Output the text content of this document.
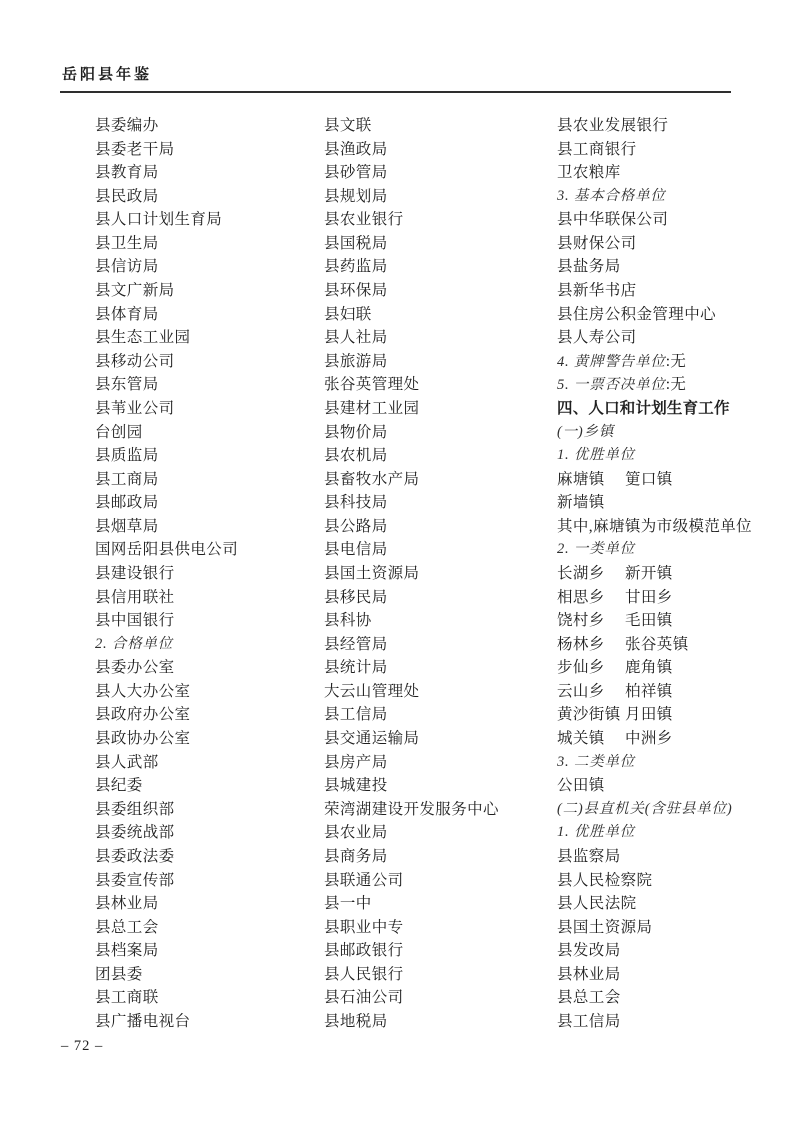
岳阳县年鉴
县委编办
县委老干局
县教育局
县民政局
县人口计划生育局
县卫生局
县信访局
县文广新局
县体育局
县生态工业园
县移动公司
县东管局
县苇业公司
台创园
县质监局
县工商局
县邮政局
县烟草局
国网岳阳县供电公司
县建设银行
县信用联社
县中国银行
2. 合格单位
县委办公室
县人大办公室
县政府办公室
县政协办公室
县人武部
县纪委
县委组织部
县委统战部
县委政法委
县委宣传部
县林业局
县总工会
县档案局
团县委
县工商联
县广播电视台
县文联
县渔政局
县砂管局
县规划局
县农业银行
县国税局
县药监局
县环保局
县妇联
县人社局
县旅游局
张谷英管理处
县建材工业园
县物价局
县农机局
县畜牧水产局
县科技局
县公路局
县电信局
县国土资源局
县移民局
县科协
县经管局
县统计局
大云山管理处
县工信局
县交通运输局
县房产局
县城建投
荣湾湖建设开发服务中心
县农业局
县商务局
县联通公司
县一中
县职业中专
县邮政银行
县人民银行
县石油公司
县地税局
县农业发展银行
县工商银行
卫农粮库
3. 基本合格单位
县中华联保公司
县财保公司
县盐务局
县新华书店
县住房公积金管理中心
县人寿公司
4. 黄牌警告单位:无
5. 一票否决单位:无
四、人口和计划生育工作
(一)乡镇
1. 优胜单位
麻塘镇 筻口镇
新墙镇
其中,麻塘镇为市级模范单位
2. 一类单位
长湖乡 新开镇
相思乡 甘田乡
饶村乡 毛田镇
杨林乡 张谷英镇
步仙乡 鹿角镇
云山乡 柏祥镇
黄沙街镇 月田镇
城关镇 中洲乡
3. 二类单位
公田镇
(二)县直机关(含驻县单位)
1. 优胜单位
县监察局
县人民检察院
县人民法院
县国土资源局
县发改局
县林业局
县总工会
县工信局
– 72 –
